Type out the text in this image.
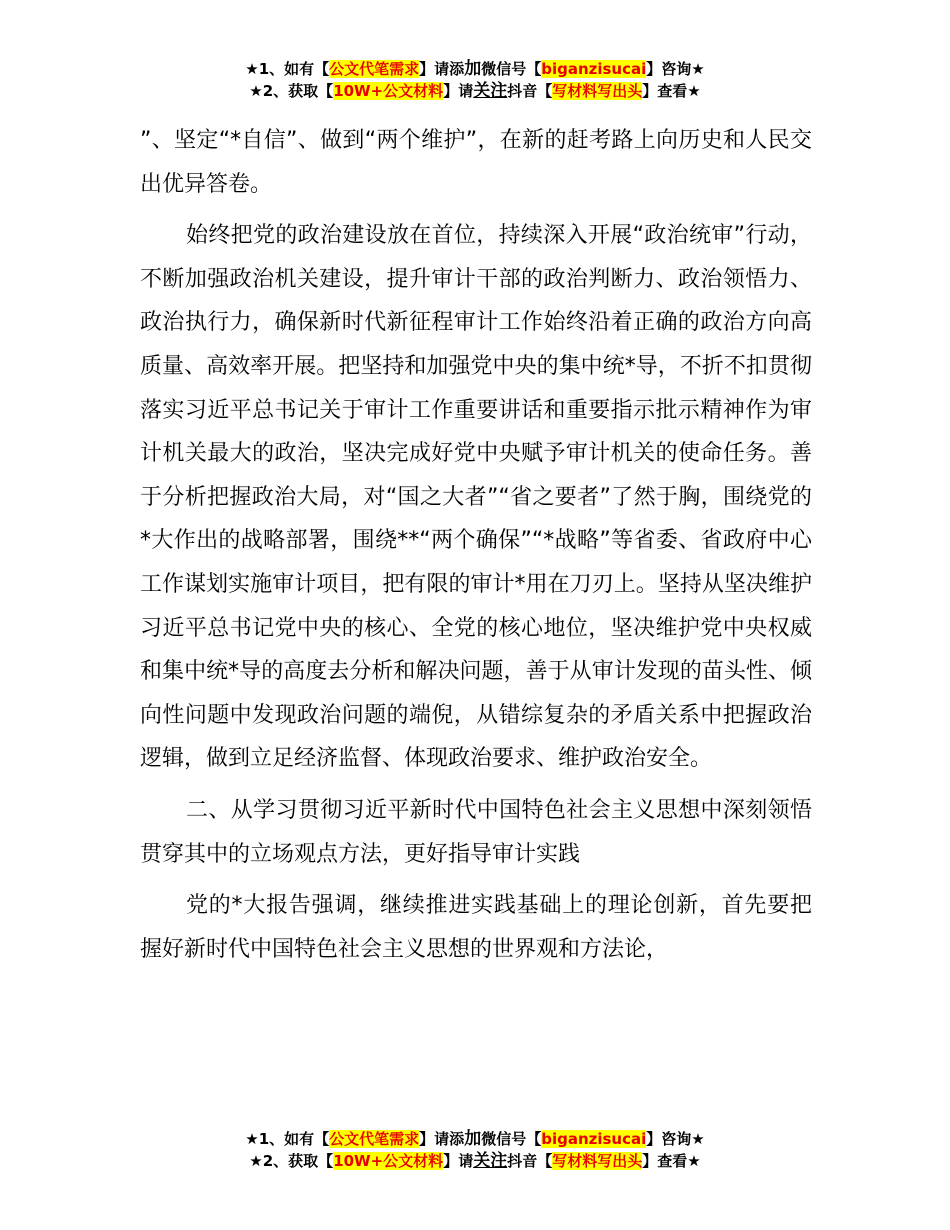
★1、如有【公文代笔需求】请添加微信号【biganzisucai】咨询★
★2、获取【10W+公文材料】请关注抖音【写材料写出头】查看★

”、坚定“*自信”、做到“两个维护”，在新的赶考路上向历史和人民交出优异答卷。

始终把党的政治建设放在首位，持续深入开展“政治统审”行动，不断加强政治机关建设，提升审计干部的政治判断力、政治领悟力、政治执行力，确保新时代新征程审计工作始终沿着正确的政治方向高质量、高效率开展。把坚持和加强党中央的集中统*导，不折不扣贯彻落实习近平总书记关于审计工作重要讲话和重要指示批示精神作为审计机关最大的政治，坚决完成好党中央赋予审计机关的使命任务。善于分析把握政治大局，对“国之大者”“省之要者”了然于胸，围绕党的*大作出的战略部署，围绕**“两个确保”“*战略”等省委、省政府中心工作谋划实施审计项目，把有限的审计*用在刀刃上。坚持从坚决维护习近平总书记党中央的核心、全党的核心地位，坚决维护党中央权威和集中统*导的高度去分析和解决问题，善于从审计发现的苗头性、倾向性问题中发现政治问题的端倪，从错综复杂的矛盾关系中把握政治逻辑，做到立足经济监督、体现政治要求、维护政治安全。

二、从学习贯彻习近平新时代中国特色社会主义思想中深刻领悟贯穿其中的立场观点方法，更好指导审计实践

党的*大报告强调，继续推进实践基础上的理论创新，首先要把握好新时代中国特色社会主义思想的世界观和方法论，

★1、如有【公文代笔需求】请添加微信号【biganzisucai】咨询★
★2、获取【10W+公文材料】请关注抖音【写材料写出头】查看★
